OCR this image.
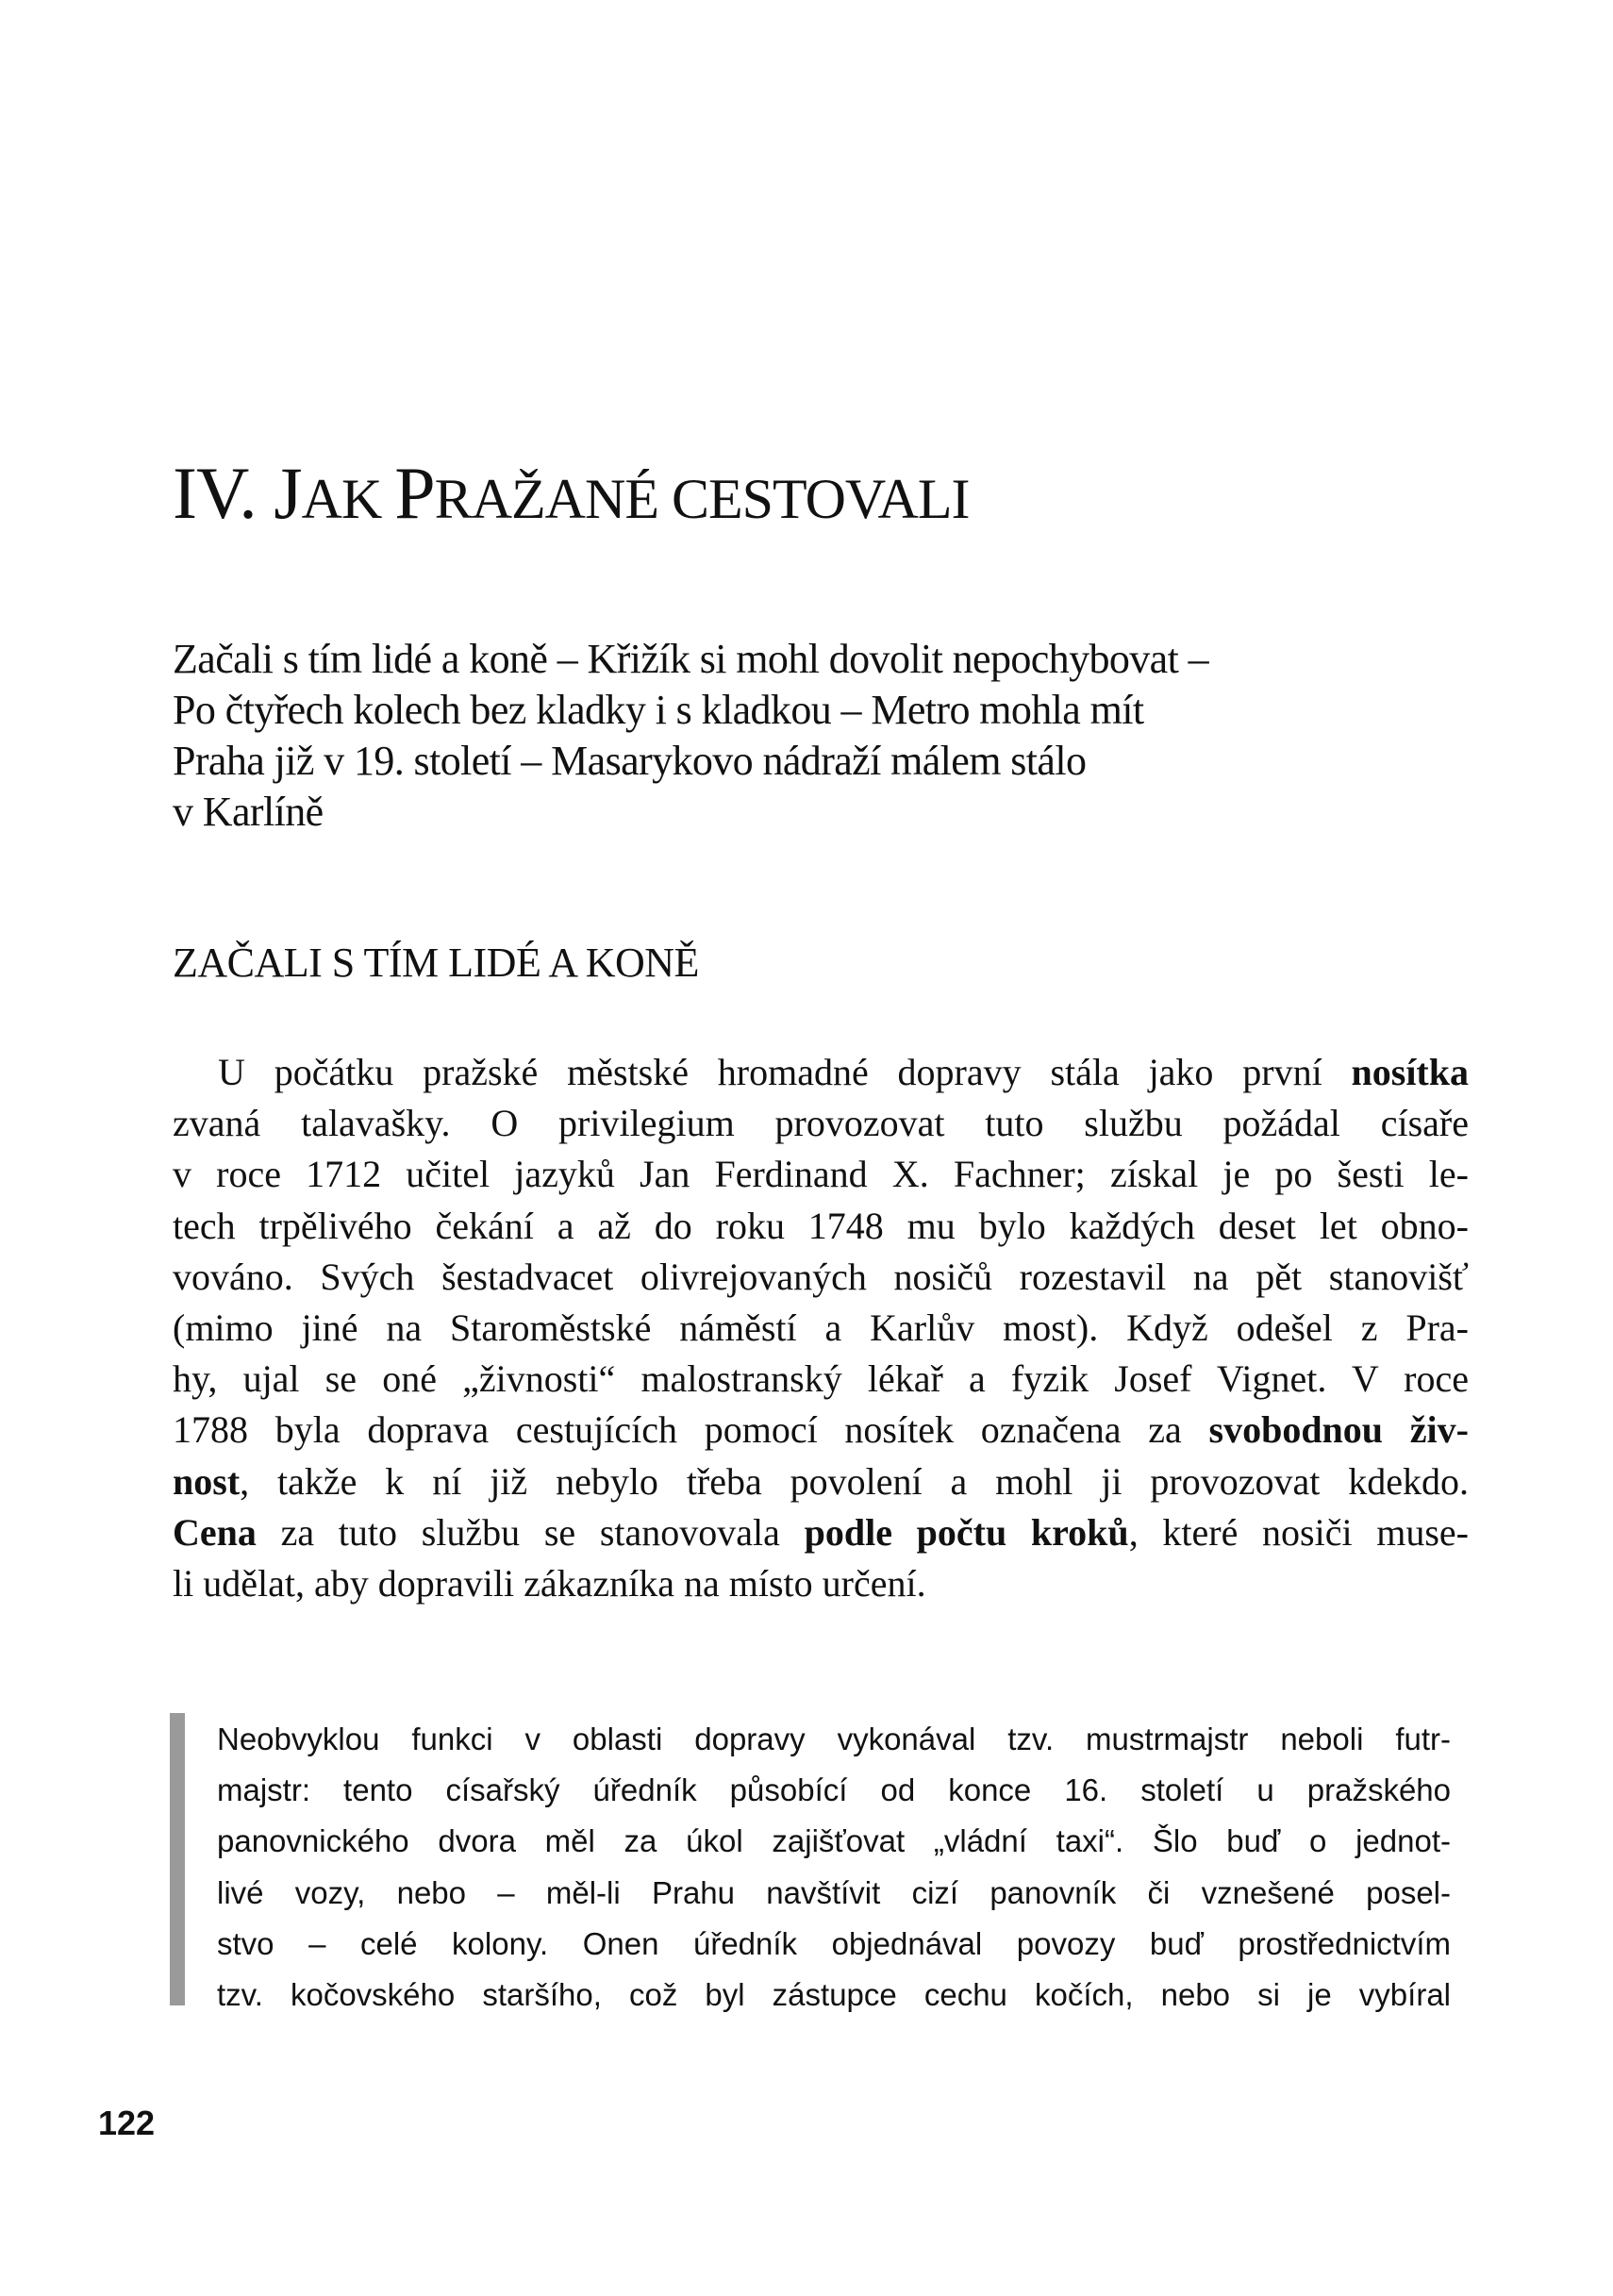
IV. JAK PRAŽANÉ CESTOVALI
Začali s tím lidé a koně – Křižík si mohl dovolit nepochybovat –
Po čtyřech kolech bez kladky i s kladkou – Metro mohla mít
Praha již v 19. století – Masarykovo nádraží málem stálo
v Karlíně
ZAČALI S TÍM LIDÉ A KONĚ
U počátku pražské městské hromadné dopravy stála jako první nosítka
zvaná talavašky. O privilegium provozovat tuto službu požádal císaře
v roce 1712 učitel jazyků Jan Ferdinand X. Fachner; získal je po šesti le-
tech trpělivého čekání a až do roku 1748 mu bylo každých deset let obno-
vováno. Svých šestadvacet olivrejovaných nosičů rozestavil na pět stanovišť
(mimo jiné na Staroměstské náměstí a Karlův most). Když odešel z Pra-
hy, ujal se oné „živnosti“ malostranský lékař a fyzik Josef Vignet. V roce
1788 byla doprava cestujících pomocí nosítek označena za svobodnou živ-
nost, takže k ní již nebylo třeba povolení a mohl ji provozovat kdekdo.
Cena za tuto službu se stanovovala podle počtu kroků, které nosiči muse-
li udělat, aby dopravili zákazníka na místo určení.
Neobvyklou funkci v oblasti dopravy vykonával tzv. mustrmajstr neboli futr-
majstr: tento císařský úředník působící od konce 16. století u pražského
panovnického dvora měl za úkol zajišťovat „vládní taxi“. Šlo buď o jednot-
livé vozy, nebo – měl-li Prahu navštívit cizí panovník či vznešené posel-
stvo – celé kolony. Onen úředník objednával povozy buď prostřednictvím
tzv. kočovského staršího, což byl zástupce cechu kočích, nebo si je vybíral
122
